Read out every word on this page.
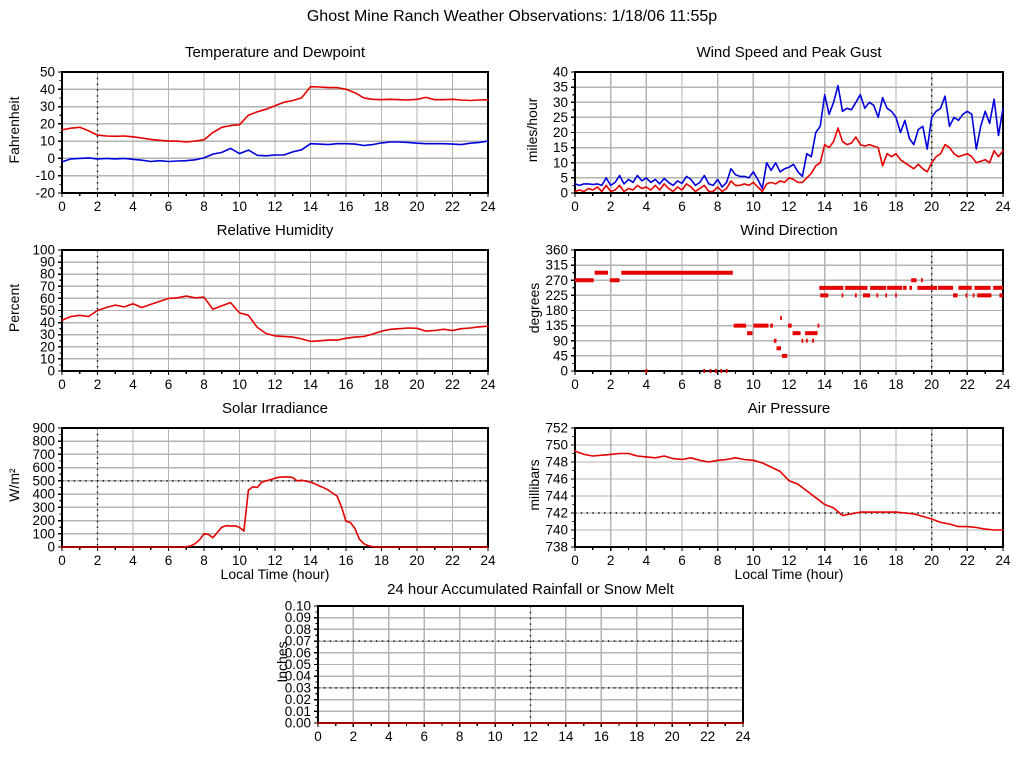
Ghost Mine Ranch Weather Observations: 1/18/06 11:55p
Temperature and Dewpoint
Fahrenheit
0 2 4 6 8 10 12 14 16 18 20 22 24
-20
-10
0
10
20
30
40
50
Wind Speed and Peak Gust
miles/hour
0 2 4 6 8 10 12 14 16 18 20 22 24
0
5
10
15
20
25
30
35
40
Relative Humidity
Percent
0 2 4 6 8 10 12 14 16 18 20 22 24
0
10
20
30
40
50
60
70
80
90
100
Wind Direction
degrees
0 2 4 6 8 10 12 14 16 18 20 22 24
0
45
90
135
180
225
270
315
360
Solar Irradiance
W/m²
0 2 4 6 8 10 12 14 16 18 20 22 24
0
100
200
300
400
500
600
700
800
900
Local Time (hour)
Air Pressure
millibars
0 2 4 6 8 10 12 14 16 18 20 22 24
738
740
742
744
746
748
750
752
Local Time (hour)
24 hour Accumulated Rainfall or Snow Melt
Inches
0 2 4 6 8 10 12 14 16 18 20 22 24
0.00
0.01
0.02
0.03
0.04
0.05
0.06
0.07
0.08
0.09
0.10
